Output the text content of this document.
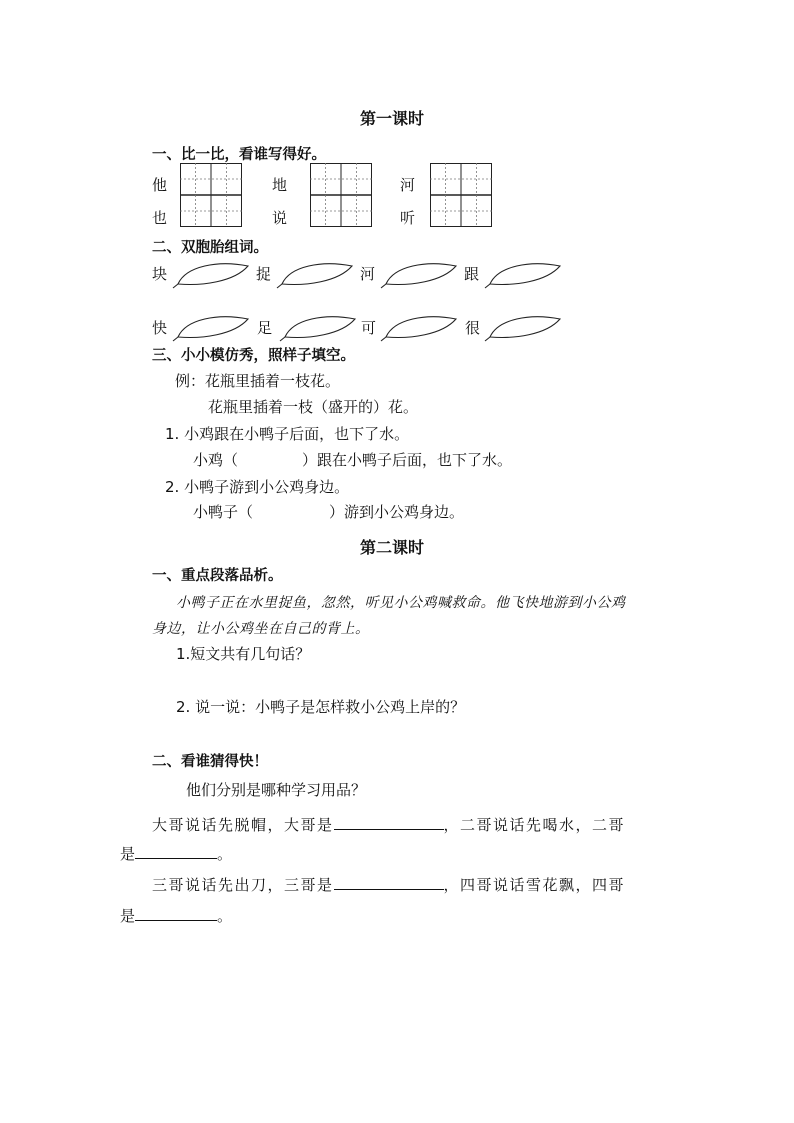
第一课时
一、比一比，看谁写得好。
他	地	河
也	说	听
二、双胞胎组词。
块	捉	河	跟
快	足	可	很
三、小小模仿秀，照样子填空。
例：花瓶里插着一枝花。
花瓶里插着一枝（盛开的）花。
1. 小鸡跟在小鸭子后面，也下了水。
小鸡（	）跟在小鸭子后面，也下了水。
2. 小鸭子游到小公鸡身边。
小鸭子（	）游到小公鸡身边。
第二课时
一、重点段落品析。
小鸭子正在水里捉鱼，忽然，听见小公鸡喊救命。他飞快地游到小公鸡
身边，让小公鸡坐在自己的背上。
1.短文共有几句话？
2. 说一说：小鸭子是怎样救小公鸡上岸的？
二、看谁猜得快！
他们分别是哪种学习用品？
大哥说话先脱帽，大哥是	，二哥说话先喝水，二哥
是	。
三哥说话先出刀，三哥是	，四哥说话雪花飘，四哥
是	。
